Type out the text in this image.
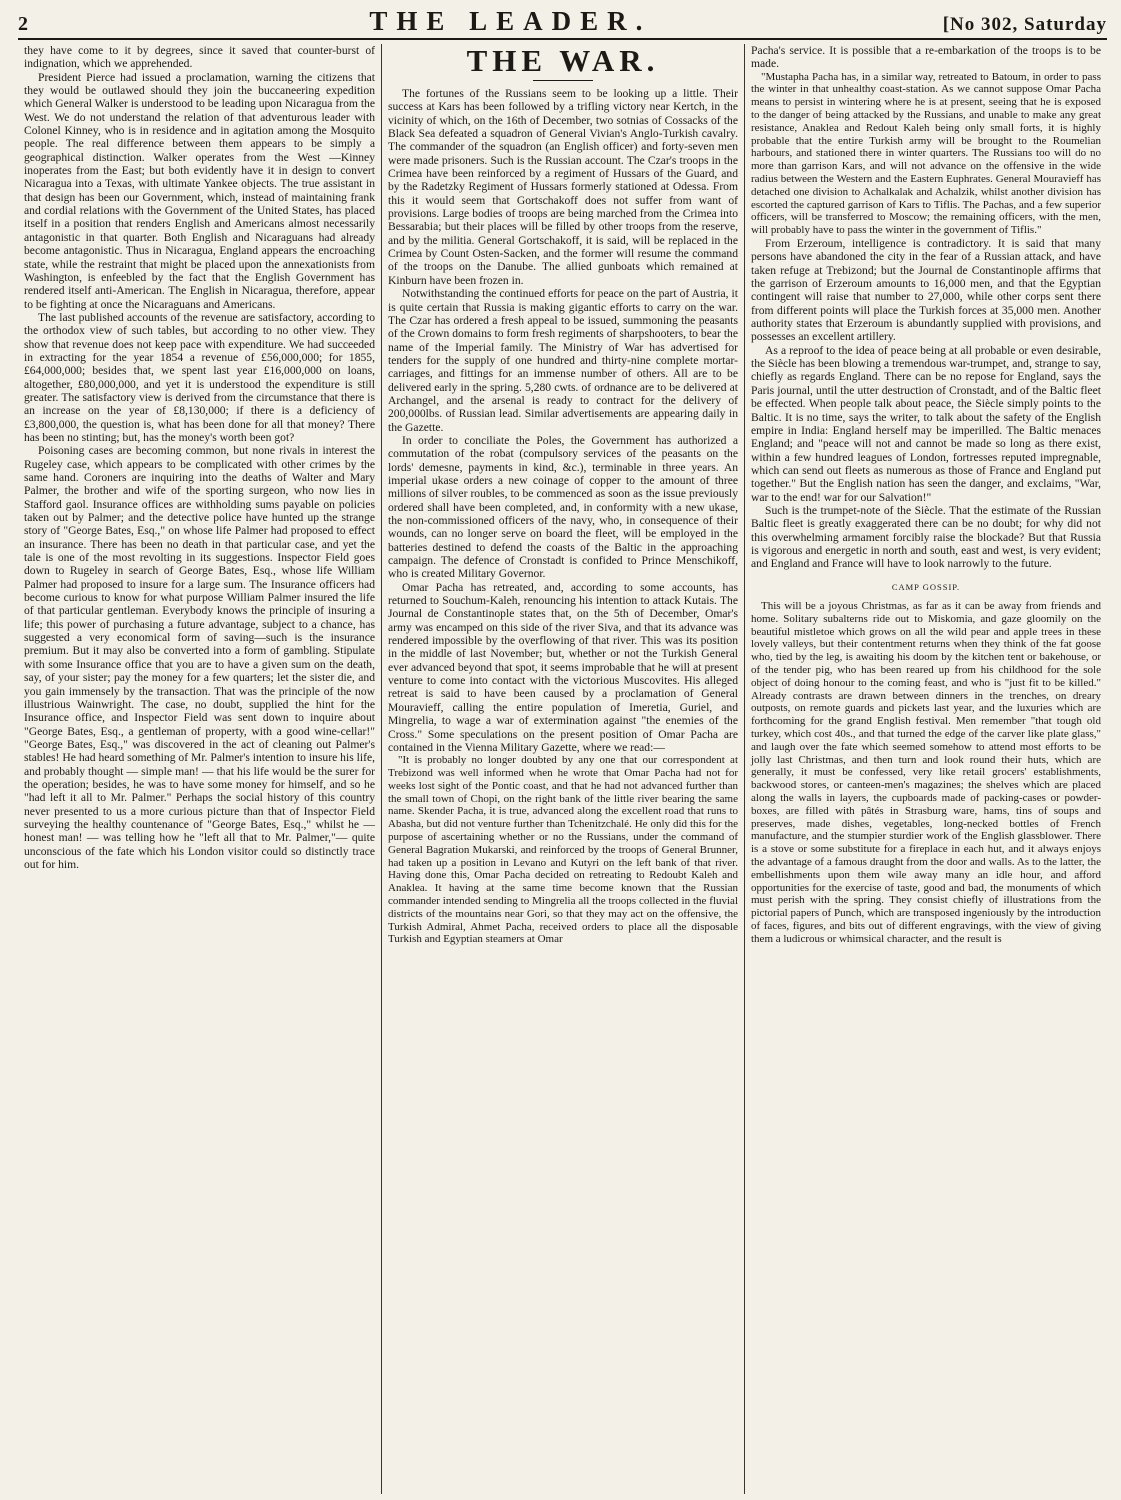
2	THE LEADER.	[No 302, Saturday

they have come to it by degrees, since it saved that counter-burst of indignation, which we apprehended.

President Pierce had issued a proclamation, warning the citizens that they would be outlawed should they join the buccaneering expedition which General Walker is understood to be leading upon Nicaragua from the West. We do not understand the relation of that adventurous leader with Colonel Kinney, who is in residence and in agitation among the Mosquito people. The real difference between them appears to be simply a geographical distinction. Walker operates from the West —Kinney inoperates from the East; but both evidently have it in design to convert Nicaragua into a Texas, with ultimate Yankee objects. The true assistant in that design has been our Government, which, instead of maintaining frank and cordial relations with the Government of the United States, has placed itself in a position that renders English and Americans almost necessarily antagonistic in that quarter. Both English and Nicaraguans had already become antagonistic. Thus in Nicaragua, England appears the encroaching state, while the restraint that might be placed upon the annexationists from Washington, is enfeebled by the fact that the English Government has rendered itself anti-American. The English in Nicaragua, therefore, appear to be fighting at once the Nicaraguans and Americans.

The last published accounts of the revenue are satisfactory, according to the orthodox view of such tables, but according to no other view. They show that revenue does not keep pace with expenditure. We had succeeded in extracting for the year 1854 a revenue of £56,000,000; for 1855, £64,000,000; besides that, we spent last year £16,000,000 on loans, altogether, £80,000,000, and yet it is understood the expenditure is still greater. The satisfactory view is derived from the circumstance that there is an increase on the year of £8,130,000; if there is a deficiency of £3,800,000, the question is, what has been done for all that money? There has been no stinting; but, has the money's worth been got?

Poisoning cases are becoming common, but none rivals in interest the Rugeley case, which appears to be complicated with other crimes by the same hand. Coroners are inquiring into the deaths of Walter and Mary Palmer, the brother and wife of the sporting surgeon, who now lies in Stafford gaol. Insurance offices are withholding sums payable on policies taken out by Palmer; and the detective police have hunted up the strange story of "George Bates, Esq.," on whose life Palmer had proposed to effect an insurance. There has been no death in that particular case, and yet the tale is one of the most revolting in its suggestions. Inspector Field goes down to Rugeley in search of George Bates, Esq., whose life William Palmer had proposed to insure for a large sum. The Insurance officers had become curious to know for what purpose William Palmer insured the life of that particular gentleman. Everybody knows the principle of insuring a life; this power of purchasing a future advantage, subject to a chance, has suggested a very economical form of saving—such is the insurance premium. But it may also be converted into a form of gambling. Stipulate with some Insurance office that you are to have a given sum on the death, say, of your sister; pay the money for a few quarters; let the sister die, and you gain immensely by the transaction. That was the principle of the now illustrious Wainwright. The case, no doubt, supplied the hint for the Insurance office, and Inspector Field was sent down to inquire about "George Bates, Esq., a gentleman of property, with a good wine-cellar!" "George Bates, Esq.," was discovered in the act of cleaning out Palmer's stables! He had heard something of Mr. Palmer's intention to insure his life, and probably thought — simple man! — that his life would be the surer for the operation; besides, he was to have some money for himself, and so he "had left it all to Mr. Palmer." Perhaps the social history of this country never presented to us a more curious picture than that of Inspector Field surveying the healthy countenance of "George Bates, Esq.," whilst he — honest man! — was telling how he "left all that to Mr. Palmer,"— quite unconscious of the fate which his London visitor could so distinctly trace out for him.

THE WAR.

The fortunes of the Russians seem to be looking up a little. Their success at Kars has been followed by a trifling victory near Kertch, in the vicinity of which, on the 16th of December, two sotnias of Cossacks of the Black Sea defeated a squadron of General Vivian's Anglo-Turkish cavalry. The commander of the squadron (an English officer) and forty-seven men were made prisoners. Such is the Russian account. The Czar's troops in the Crimea have been reinforced by a regiment of Hussars of the Guard, and by the Radetzky Regiment of Hussars formerly stationed at Odessa. From this it would seem that Gortschakoff does not suffer from want of provisions. Large bodies of troops are being marched from the Crimea into Bessarabia; but their places will be filled by other troops from the reserve, and by the militia. General Gortschakoff, it is said, will be replaced in the Crimea by Count Osten-Sacken, and the former will resume the command of the troops on the Danube. The allied gunboats which remained at Kinburn have been frozen in.

Notwithstanding the continued efforts for peace on the part of Austria, it is quite certain that Russia is making gigantic efforts to carry on the war. The Czar has ordered a fresh appeal to be issued, summoning the peasants of the Crown domains to form fresh regiments of sharpshooters, to bear the name of the Imperial family. The Ministry of War has advertised for tenders for the supply of one hundred and thirty-nine complete mortar-carriages, and fittings for an immense number of others. All are to be delivered early in the spring. 5,280 cwts. of ordnance are to be delivered at Archangel, and the arsenal is ready to contract for the delivery of 200,000lbs. of Russian lead. Similar advertisements are appearing daily in the Gazette.

In order to conciliate the Poles, the Government has authorized a commutation of the robat (compulsory services of the peasants on the lords' demesne, payments in kind, &c.), terminable in three years. An imperial ukase orders a new coinage of copper to the amount of three millions of silver roubles, to be commenced as soon as the issue previously ordered shall have been completed, and, in conformity with a new ukase, the non-commissioned officers of the navy, who, in consequence of their wounds, can no longer serve on board the fleet, will be employed in the batteries destined to defend the coasts of the Baltic in the approaching campaign. The defence of Cronstadt is confided to Prince Menschikoff, who is created Military Governor.

Omar Pacha has retreated, and, according to some accounts, has returned to Souchum-Kaleh, renouncing his intention to attack Kutais. The Journal de Constantinople states that, on the 5th of December, Omar's army was encamped on this side of the river Siva, and that its advance was rendered impossible by the overflowing of that river. This was its position in the middle of last November; but, whether or not the Turkish General ever advanced beyond that spot, it seems improbable that he will at present venture to come into contact with the victorious Muscovites. His alleged retreat is said to have been caused by a proclamation of General Mouravieff, calling the entire population of Imeretia, Guriel, and Mingrelia, to wage a war of extermination against "the enemies of the Cross." Some speculations on the present position of Omar Pacha are contained in the Vienna Military Gazette, where we read:—

"It is probably no longer doubted by any one that our correspondent at Trebizond was well informed when he wrote that Omar Pacha had not for weeks lost sight of the Pontic coast, and that he had not advanced further than the small town of Chopi, on the right bank of the little river bearing the same name. Skender Pacha, it is true, advanced along the excellent road that runs to Abasha, but did not venture further than Tchenitzchalé. He only did this for the purpose of ascertaining whether or no the Russians, under the command of General Bagration Mukarski, and reinforced by the troops of General Brunner, had taken up a position in Levano and Kutyri on the left bank of that river. Having done this, Omar Pacha decided on retreating to Redoubt Kaleh and Anaklea. It having at the same time become known that the Russian commander intended sending to Mingrelia all the troops collected in the fluvial districts of the mountains near Gori, so that they may act on the offensive, the Turkish Admiral, Ahmet Pacha, received orders to place all the disposable Turkish and Egyptian steamers at Omar

Pacha's service. It is possible that a re-embarkation of the troops is to be made.

"Mustapha Pacha has, in a similar way, retreated to Batoum, in order to pass the winter in that unhealthy coast-station. As we cannot suppose Omar Pacha means to persist in wintering where he is at present, seeing that he is exposed to the danger of being attacked by the Russians, and unable to make any great resistance, Anaklea and Redout Kaleh being only small forts, it is highly probable that the entire Turkish army will be brought to the Roumelian harbours, and stationed there in winter quarters. The Russians too will do no more than garrison Kars, and will not advance on the offensive in the wide radius between the Western and the Eastern Euphrates. General Mouravieff has detached one division to Achalkalak and Achalzik, whilst another division has escorted the captured garrison of Kars to Tiflis. The Pachas, and a few superior officers, will be transferred to Moscow; the remaining officers, with the men, will probably have to pass the winter in the government of Tiflis."

From Erzeroum, intelligence is contradictory. It is said that many persons have abandoned the city in the fear of a Russian attack, and have taken refuge at Trebizond; but the Journal de Constantinople affirms that the garrison of Erzeroum amounts to 16,000 men, and that the Egyptian contingent will raise that number to 27,000, while other corps sent there from different points will place the Turkish forces at 35,000 men. Another authority states that Erzeroum is abundantly supplied with provisions, and possesses an excellent artillery.

As a reproof to the idea of peace being at all probable or even desirable, the Siècle has been blowing a tremendous war-trumpet, and, strange to say, chiefly as regards England. There can be no repose for England, says the Paris journal, until the utter destruction of Cronstadt, and of the Baltic fleet be effected. When people talk about peace, the Siècle simply points to the Baltic. It is no time, says the writer, to talk about the safety of the English empire in India: England herself may be imperilled. The Baltic menaces England; and "peace will not and cannot be made so long as there exist, within a few hundred leagues of London, fortresses reputed impregnable, which can send out fleets as numerous as those of France and England put together." But the English nation has seen the danger, and exclaims, "War, war to the end! war for our Salvation!"

Such is the trumpet-note of the Siècle. That the estimate of the Russian Baltic fleet is greatly exaggerated there can be no doubt; for why did not this overwhelming armament forcibly raise the blockade? But that Russia is vigorous and energetic in north and south, east and west, is very evident; and England and France will have to look narrowly to the future.

CAMP GOSSIP.

This will be a joyous Christmas, as far as it can be away from friends and home. Solitary subalterns ride out to Miskomia, and gaze gloomily on the beautiful mistletoe which grows on all the wild pear and apple trees in these lovely valleys, but their contentment returns when they think of the fat goose who, tied by the leg, is awaiting his doom by the kitchen tent or bakehouse, or of the tender pig, who has been reared up from his childhood for the sole object of doing honour to the coming feast, and who is "just fit to be killed." Already contrasts are drawn between dinners in the trenches, on dreary outposts, on remote guards and pickets last year, and the luxuries which are forthcoming for the grand English festival. Men remember "that tough old turkey, which cost 40s., and that turned the edge of the carver like plate glass," and laugh over the fate which seemed somehow to attend most efforts to be jolly last Christmas, and then turn and look round their huts, which are generally, it must be confessed, very like retail grocers' establishments, backwood stores, or canteen-men's magazines; the shelves which are placed along the walls in layers, the cupboards made of packing-cases or powder-boxes, are filled with pâtés in Strasburg ware, hams, tins of soups and preserves, made dishes, vegetables, long-necked bottles of French manufacture, and the stumpier sturdier work of the English glassblower. There is a stove or some substitute for a fireplace in each hut, and it always enjoys the advantage of a famous draught from the door and walls. As to the latter, the embellishments upon them wile away many an idle hour, and afford opportunities for the exercise of taste, good and bad, the monuments of which must perish with the spring. They consist chiefly of illustrations from the pictorial papers of Punch, which are transposed ingeniously by the introduction of faces, figures, and bits out of different engravings, with the view of giving them a ludicrous or whimsical character, and the result is
